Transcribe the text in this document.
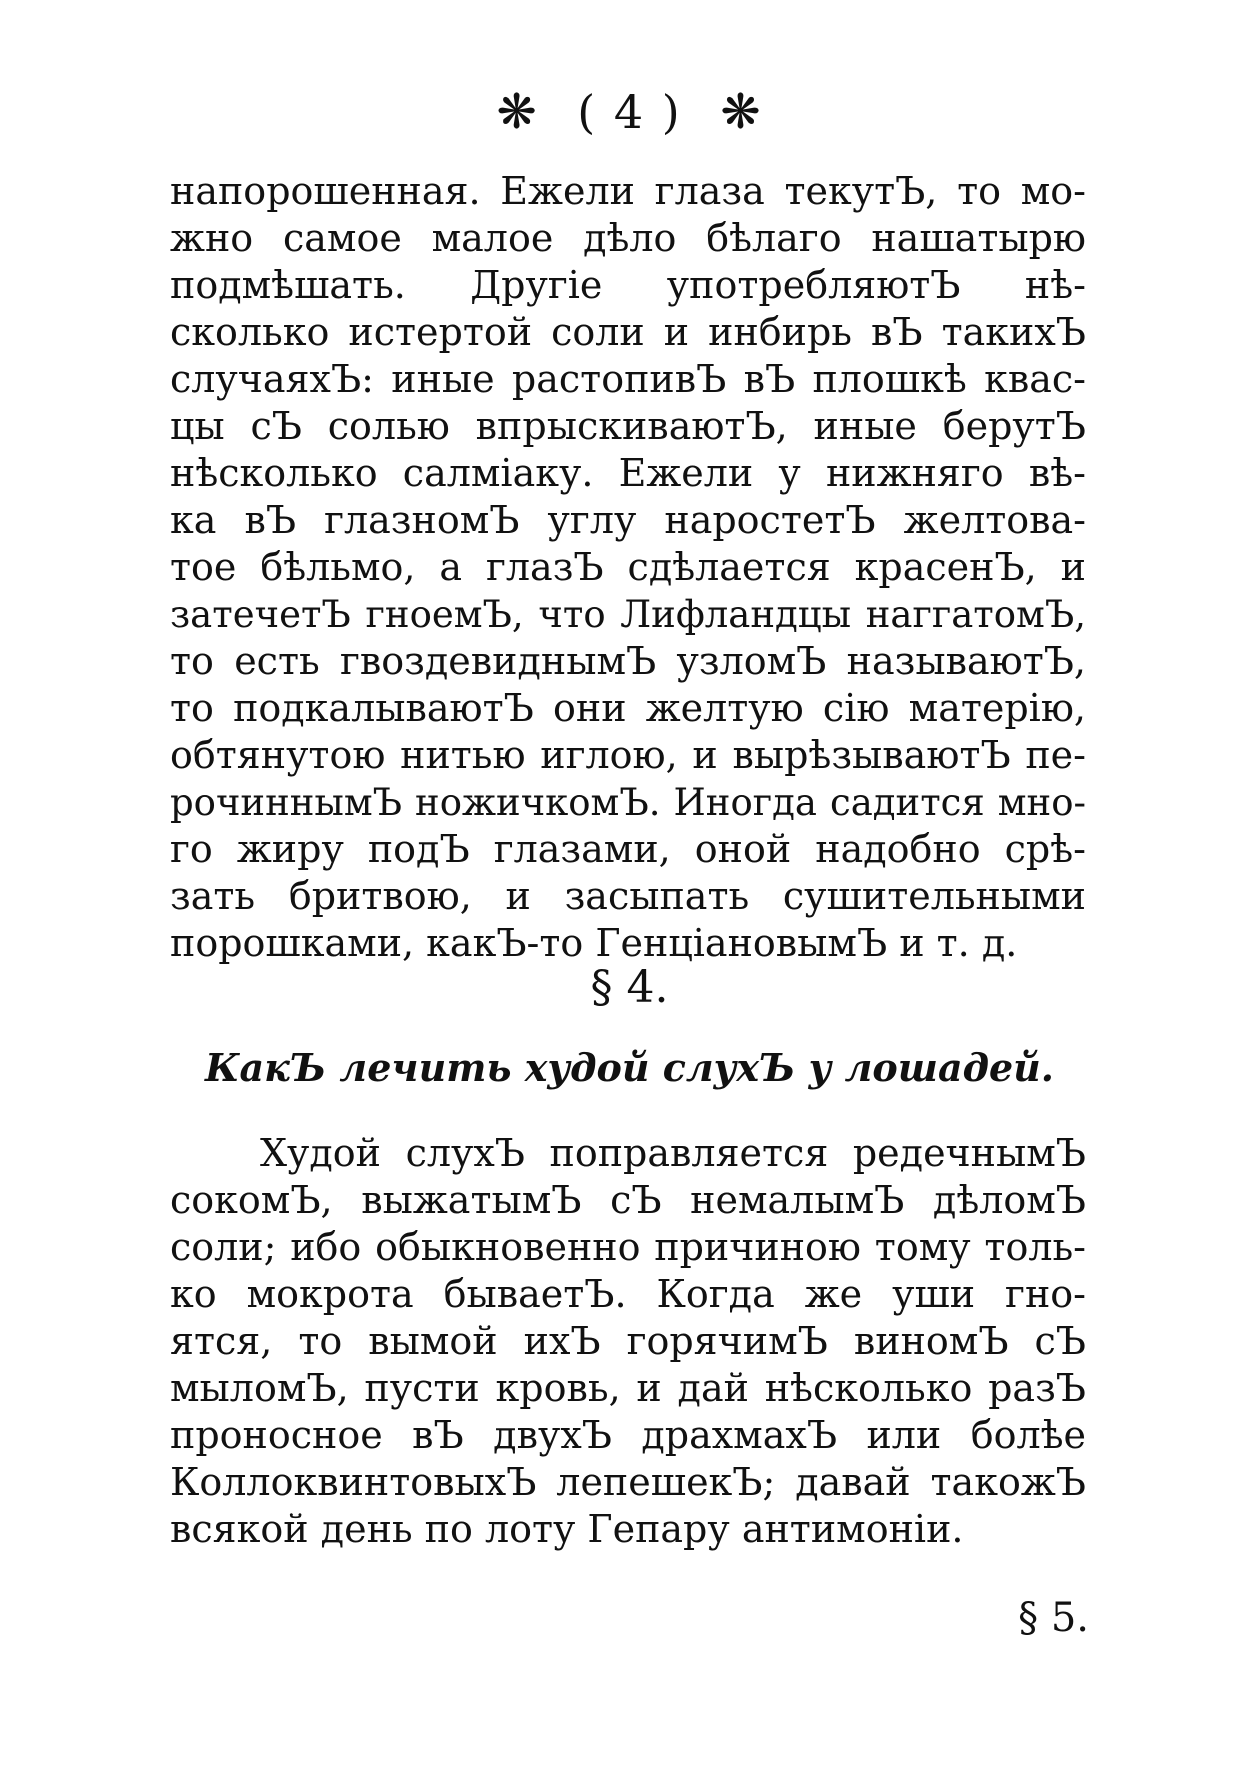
❋ ( 4 ) ❋
напорошенная. Ежели глаза текутЪ, то мо-
жно самое малое дѣло бѣлаго нашатырю
подмѣшать. Другіе употребляютЪ нѣ-
сколько истертой соли и инбирь вЪ такихЪ
случаяхЪ: иные растопивЪ вЪ плошкѣ квас-
цы сЪ солью впрыскиваютЪ, иные берутЪ
нѣсколько салміаку. Ежели у нижняго вѣ-
ка вЪ глазномЪ углу наростетЪ желтова-
тое бѣльмо, а глазЪ сдѣлается красенЪ, и
затечетЪ гноемЪ, что Лифландцы наггатомЪ,
то есть гвоздевиднымЪ узломЪ называютЪ,
то подкалываютЪ они желтую сію матерію,
обтянутою нитью иглою, и вырѣзываютЪ пе-
рочиннымЪ ножичкомЪ. Иногда садится мно-
го жиру подЪ глазами, оной надобно срѣ-
зать бритвою, и засыпать сушительными
порошками, какЪ-то ГенціановымЪ и т. д.
§ 4.
КакЪ лечить худой слухЪ у лошадей.
Худой слухЪ поправляется редечнымЪ
сокомЪ, выжатымЪ сЪ немалымЪ дѣломЪ
соли; ибо обыкновенно причиною тому толь-
ко мокрота бываетЪ. Когда же уши гно-
ятся, то вымой ихЪ горячимЪ виномЪ сЪ
мыломЪ, пусти кровь, и дай нѣсколько разЪ
проносное вЪ двухЪ драхмахЪ или болѣе
КоллоквинтовыхЪ лепешекЪ; давай такожЪ
всякой день по лоту Гепару антимоніи.
§ 5.
